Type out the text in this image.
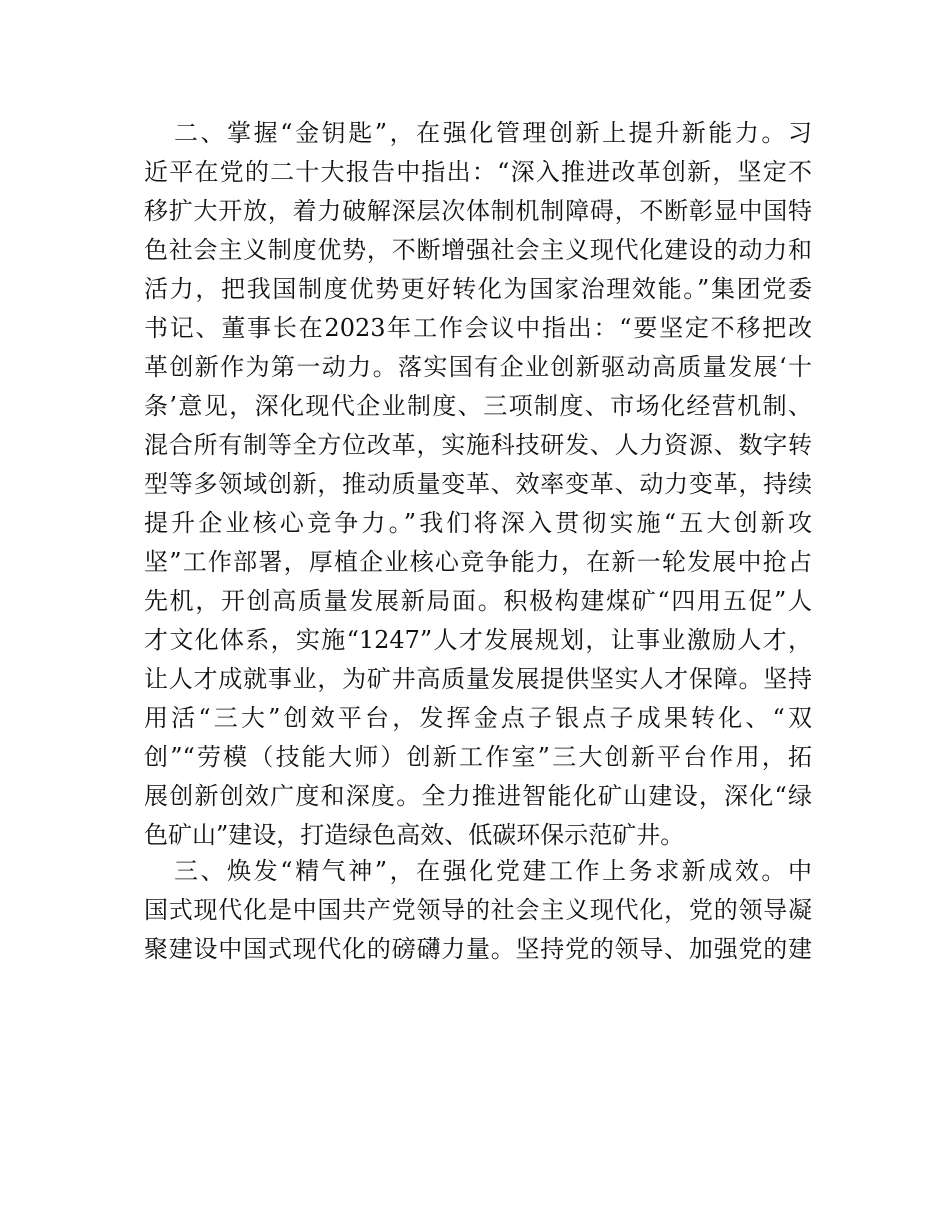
二、掌握“金钥匙”，在强化管理创新上提升新能力。习
近平在党的二十大报告中指出：“深入推进改革创新，坚定不
移扩大开放，着力破解深层次体制机制障碍，不断彰显中国特
色社会主义制度优势，不断增强社会主义现代化建设的动力和
活力，把我国制度优势更好转化为国家治理效能。”集团党委
书记、董事长在2023年工作会议中指出：“要坚定不移把改
革创新作为第一动力。落实国有企业创新驱动高质量发展‘十
条’意见，深化现代企业制度、三项制度、市场化经营机制、
混合所有制等全方位改革，实施科技研发、人力资源、数字转
型等多领域创新，推动质量变革、效率变革、动力变革，持续
提升企业核心竞争力。”我们将深入贯彻实施“五大创新攻
坚”工作部署，厚植企业核心竞争能力，在新一轮发展中抢占
先机，开创高质量发展新局面。积极构建煤矿“四用五促”人
才文化体系，实施“1247”人才发展规划，让事业激励人才，
让人才成就事业，为矿井高质量发展提供坚实人才保障。坚持
用活“三大”创效平台，发挥金点子银点子成果转化、“双
创”“劳模（技能大师）创新工作室”三大创新平台作用，拓
展创新创效广度和深度。全力推进智能化矿山建设，深化“绿
色矿山”建设，打造绿色高效、低碳环保示范矿井。
三、焕发“精气神”，在强化党建工作上务求新成效。中
国式现代化是中国共产党领导的社会主义现代化，党的领导凝
聚建设中国式现代化的磅礴力量。坚持党的领导、加强党的建
